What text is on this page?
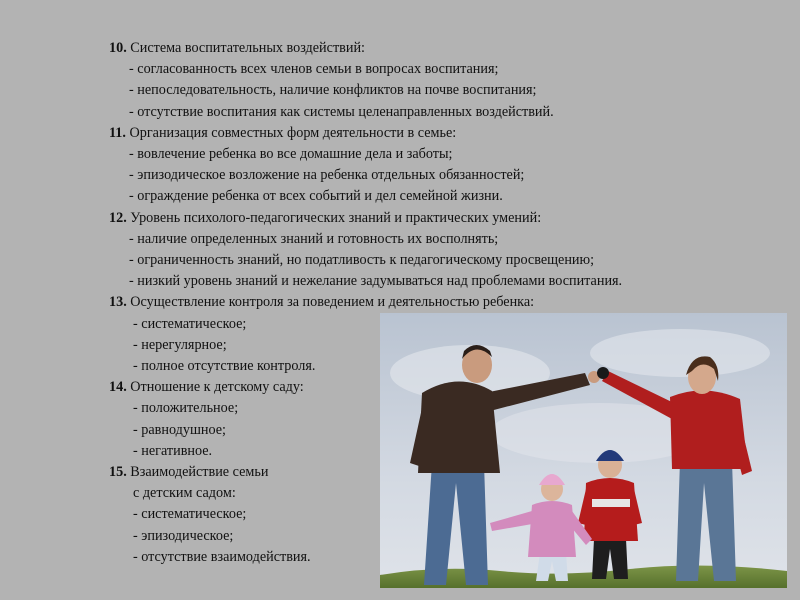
10. Система воспитательных воздействий:
- согласованность всех членов семьи в вопросах воспитания;
- непоследовательность, наличие конфликтов на почве воспитания;
- отсутствие воспитания как системы целенаправленных воздействий.
11. Организация совместных форм деятельности в семье:
- вовлечение ребенка во все домашние дела и заботы;
- эпизодическое возложение на ребенка отдельных обязанностей;
- ограждение ребенка от всех событий и дел семейной жизни.
12. Уровень психолого-педагогических знаний и практических умений:
- наличие определенных знаний и готовность их восполнять;
- ограниченность знаний, но податливость к педагогическому просвещению;
- низкий уровень знаний и нежелание задумываться над проблемами воспитания.
13. Осуществление контроля за поведением и деятельностью ребенка:
- систематическое;
- нерегулярное;
- полное отсутствие контроля.
14. Отношение к детскому саду:
- положительное;
- равнодушное;
- негативное.
15. Взаимодействие семьи
с детским садом:
- систематическое;
- эпизодическое;
- отсутствие взаимодействия.
